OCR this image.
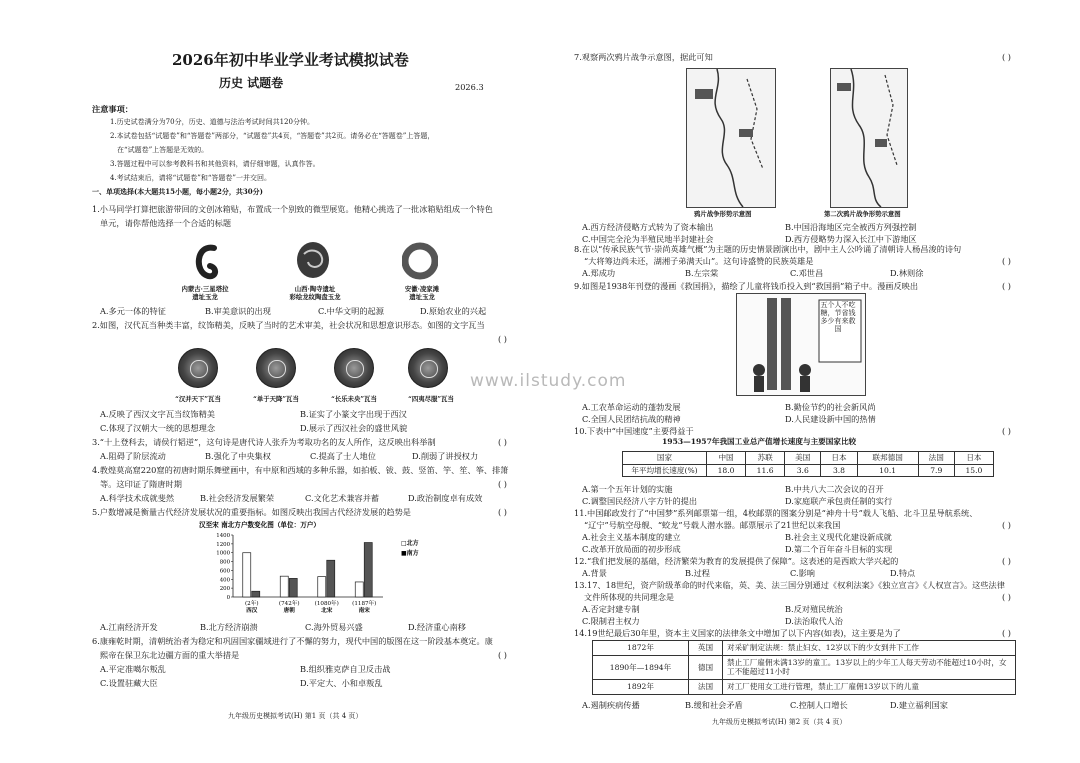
2026年初中毕业学业考试模拟试卷
历史 试题卷	2026.3
注意事项：
1.历史试卷满分为70分，历史、道德与法治考试时间共120分钟。
2.本试卷包括“试题卷”和“答题卷”两部分，“试题卷”共4页，“答题卷”共2页。请务必在“答题卷”上答题，
在“试题卷”上答题是无效的。
3.答题过程中可以参考教科书和其他资料，请仔细审题，认真作答。
4.考试结束后，请将“试题卷”和“答题卷”一并交回。
一、单项选择(本大题共15小题，每小题2分，共30分)
1.小马同学打算把旅游带回的文创冰箱贴，布置成一个别致的微型展览。他精心挑选了一批冰箱贴组成一个特色
单元，请你帮他选择一个合适的标题
内蒙古·三星塔拉
遗址玉龙
山西·陶寺遗址
彩绘龙纹陶盘玉龙
安徽·凌家滩
遗址玉龙
A.多元一体的特征	B.审美意识的出现	C.中华文明的起源	D.原始农业的兴起
2.如图，汉代瓦当种类丰富，纹饰精美，反映了当时的艺术审美，社会状况和思想意识形态。如图的文字瓦当
( )
“汉并天下”瓦当	“单于天降”瓦当	“长乐未央”瓦当	“四夷尽服”瓦当
A.反映了西汉文字瓦当纹饰精美	B.证实了小篆文字出现于西汉
C.体现了汉朝大一统的思想理念	D.展示了西汉社会的盛世风貌
3.“十上登科去，请侯行韬逆”，这句诗是唐代诗人张乔为考取功名的友人所作，这反映出科举制	( )
A.阻碍了阶层流动	B.强化了中央集权	C.提高了士人地位	D.削弱了讲授权力
4.教煌莫高窟220窟的初唐时期乐舞壁画中，有中原和西域的多种乐器，如拍板、钹、鼓、竖笛、竽、笙、筝、排箫
等。这印证了隋唐时期	( )
A.科学技术成就斐然	B.社会经济发展繁荣	C.文化艺术兼容并蓄	D.政治制度卓有成效
5.户数增减是衡量古代经济发展状况的重要指标。如图反映出我国古代经济发展的趋势是	( )
汉至宋 南北方户数变化图（单位：万户）
0
200
400
600
800
1000
1200
1400
(2年)
西汉
(742年)
唐朝
(1080年)
北宋
(1187年)
南宋
□北方
■南方
A.江南经济开发	B.北方经济崩溃	C.海外贸易兴盛	D.经济重心南移
6.康雍乾时期，清朝统治者为稳定和巩固国家疆域进行了不懈的努力，现代中国的版图在这一阶段基本奠定。康
熙帝在保卫东北边疆方面的重大举措是	( )
A.平定准噶尔叛乱	B.组织雅克萨自卫反击战
C.设置驻藏大臣	D.平定大、小和卓叛乱
九年级历史模拟考试(H) 第1 页（共 4 页）
www.ilstudy.com
7.观察两次鸦片战争示意图，据此可知	( )
鸦片战争形势示意图	第二次鸦片战争形势示意图
A.西方经济侵略方式转为了资本输出	B.中国沿海地区完全被西方列强控制
C.中国完全沦为半殖民地半封建社会	D.西方侵略势力深入长江中下游地区
8.在以“传承民族气节·崇尚英雄气概”为主题的历史情景剧演出中，剧中主人公吟诵了清朝诗人杨昌浚的诗句
“大将筹边尚未还，湖湘子弟满天山”。这句诗盛赞的民族英雄是	( )
A.郑成功	B.左宗棠	C.邓世昌	D.林则徐
9.如图是1938年刊登的漫画《救国捐》，描绘了儿童将钱币投入到“救国捐”箱子中。漫画反映出	( )
五个人不吃糖，节省钱多少有来救国
A.工农革命运动的蓬勃发展	B.勤俭节约的社会新风尚
C.全国人民团结抗战的精神	D.人民建设新中国的热情
10.下表中“中国速度”主要得益于	( )
1953—1957年我国工业总产值增长速度与主要国家比较
国家	中国	苏联	美国	日本	联邦德国	法国	日本
年平均增长速度(%)	18.0	11.6	3.6	3.8	10.1	7.9	15.0
A.第一个五年计划的实施	B.中共八大二次会议的召开
C.调整国民经济八字方针的提出	D.家庭联产承包责任制的实行
11.中国邮政发行了“中国梦”系列邮票第一组，4枚邮票的图案分别是“神舟十号”载人飞船、北斗卫星导航系统、
“辽宁”号航空母舰、“蛟龙”号载人潜水器。邮票展示了21世纪以来我国	( )
A.社会主义基本制度的建立	B.社会主义现代化建设新成就
C.改革开放局面的初步形成	D.第二个百年奋斗目标的实现
12.“我们把发展的基础，经济繁荣为教育的发展提供了保障”。这表述的是西欧大学兴起的	( )
A.背景	B.过程	C.影响	D.特点
13.17、18世纪，资产阶级革命的时代来临，英、美、法三国分别通过《权利法案》《独立宣言》《人权宣言》。这些法律
文件所体现的共同理念是	( )
A.否定封建专制	B.反对殖民统治
C.限制君主权力	D.法治取代人治
14.19世纪最后30年里，资本主义国家的法律条文中增加了以下内容(如表)，这主要是为了	( )
1872年	英国	对采矿制定法规：禁止妇女、12岁以下的少女到井下工作
1890年—1894年	德国	禁止工厂雇佣未满13岁的童工。13岁以上的少年工人每天劳动不能超过10小时，女工不能超过11小时
1892年	法国	对工厂使用女工进行管理，禁止工厂雇佣13岁以下的儿童
A.遏制疾病传播	B.缓和社会矛盾	C.控制人口增长	D.建立福利国家
九年级历史模拟考试(H) 第2 页（共 4 页）
